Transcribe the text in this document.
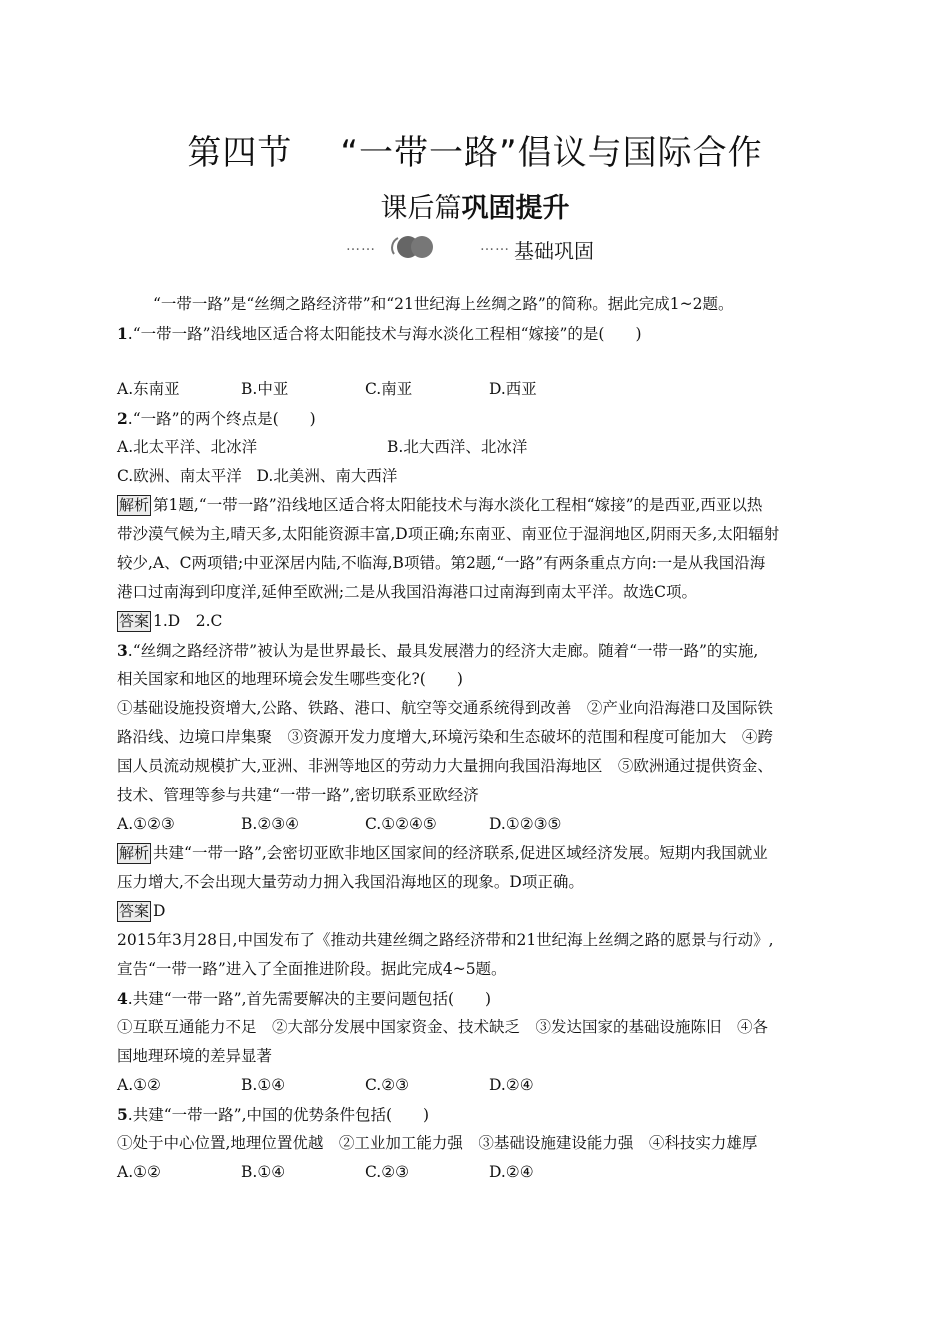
第四节 “一带一路”倡议与国际合作
课后篇巩固提升
……	…… 基础巩固
“一带一路”是“丝绸之路经济带”和“21世纪海上丝绸之路”的简称。据此完成1~2题。
1.“一带一路”沿线地区适合将太阳能技术与海水淡化工程相“嫁接”的是(　　)
A.东南亚	B.中亚	C.南亚	D.西亚
2.“一路”的两个终点是(　　)
A.北太平洋、北冰洋	B.北大西洋、北冰洋
C.欧洲、南太平洋 D.北美洲、南大西洋
解析 第1题,“一带一路”沿线地区适合将太阳能技术与海水淡化工程相“嫁接”的是西亚,西亚以热
带沙漠气候为主,晴天多,太阳能资源丰富,D项正确;东南亚、南亚位于湿润地区,阴雨天多,太阳辐射
较少,A、C两项错;中亚深居内陆,不临海,B项错。第2题,“一路”有两条重点方向:一是从我国沿海
港口过南海到印度洋,延伸至欧洲;二是从我国沿海港口过南海到南太平洋。故选C项。
答案 1.D　2.C
3.“丝绸之路经济带”被认为是世界最长、最具发展潜力的经济大走廊。随着“一带一路”的实施,
相关国家和地区的地理环境会发生哪些变化?(　　)
①基础设施投资增大,公路、铁路、港口、航空等交通系统得到改善　②产业向沿海港口及国际铁
路沿线、边境口岸集聚　③资源开发力度增大,环境污染和生态破坏的范围和程度可能加大　④跨
国人员流动规模扩大,亚洲、非洲等地区的劳动力大量拥向我国沿海地区　⑤欧洲通过提供资金、
技术、管理等参与共建“一带一路”,密切联系亚欧经济
A.①②③	B.②③④	C.①②④⑤	D.①②③⑤
解析 共建“一带一路”,会密切亚欧非地区国家间的经济联系,促进区域经济发展。短期内我国就业
压力增大,不会出现大量劳动力拥入我国沿海地区的现象。D项正确。
答案 D
2015年3月28日,中国发布了《推动共建丝绸之路经济带和21世纪海上丝绸之路的愿景与行动》,
宣告“一带一路”进入了全面推进阶段。据此完成4~5题。
4.共建“一带一路”,首先需要解决的主要问题包括(　　)
①互联互通能力不足　②大部分发展中国家资金、技术缺乏　③发达国家的基础设施陈旧　④各
国地理环境的差异显著
A.①②	B.①④	C.②③	D.②④
5.共建“一带一路”,中国的优势条件包括(　　)
①处于中心位置,地理位置优越　②工业加工能力强　③基础设施建设能力强　④科技实力雄厚
A.①②	B.①④	C.②③	D.②④
